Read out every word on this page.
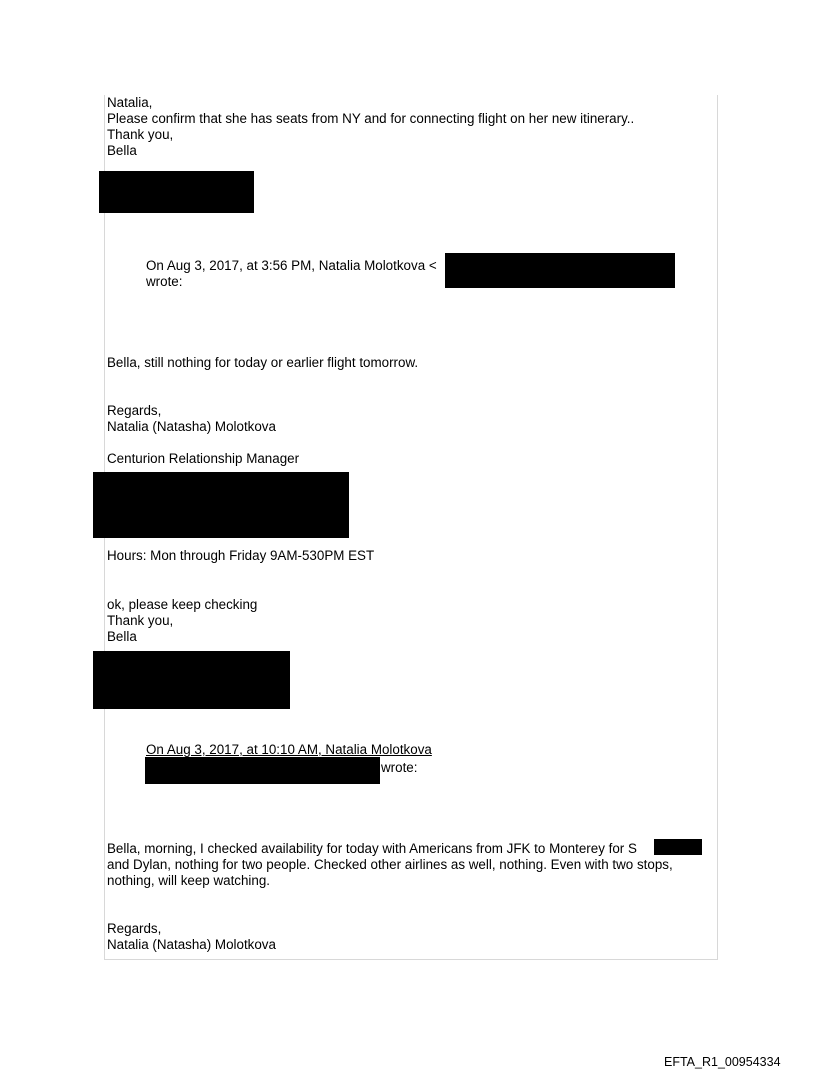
Natalia,
Please confirm that she has seats from NY and for connecting flight on her new itinerary..
Thank you,
Bella
On Aug 3, 2017, at 3:56 PM, Natalia Molotkova <
wrote:
Bella, still nothing for today or earlier flight tomorrow.
Regards,
Natalia (Natasha) Molotkova
Centurion Relationship Manager
Hours: Mon through Friday 9AM-530PM EST
ok, please keep checking
Thank you,
Bella
On Aug 3, 2017, at 10:10 AM, Natalia Molotkova
wrote:
Bella, morning, I checked availability for today with Americans from JFK to Monterey for S
and Dylan, nothing for two people. Checked other airlines as well, nothing. Even with two stops,
nothing, will keep watching.
Regards,
Natalia (Natasha) Molotkova
EFTA_R1_00954334
